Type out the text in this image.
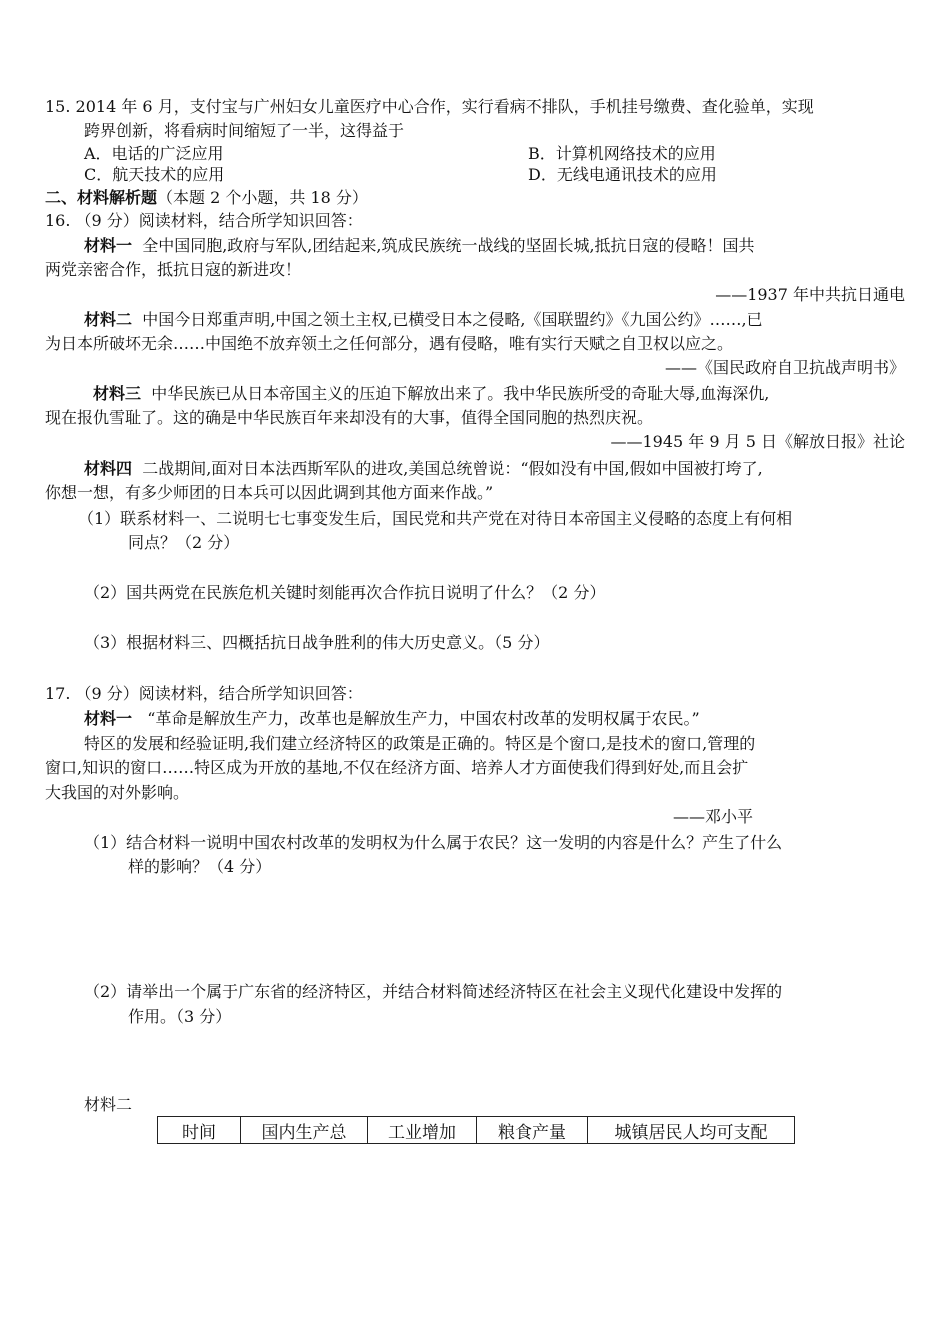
15. 2014 年 6 月，支付宝与广州妇女儿童医疗中心合作，实行看病不排队，手机挂号缴费、查化验单，实现
跨界创新，将看病时间缩短了一半，这得益于
A．电话的广泛应用	B．计算机网络技术的应用
C．航天技术的应用	D．无线电通讯技术的应用
二、材料解析题（本题 2 个小题，共 18 分）
16. （9 分）阅读材料，结合所学知识回答：
材料一 全中国同胞,政府与军队,团结起来,筑成民族统一战线的坚固长城,抵抗日寇的侵略！国共
两党亲密合作，抵抗日寇的新进攻！
——1937 年中共抗日通电
材料二 中国今日郑重声明,中国之领土主权,已横受日本之侵略,《国联盟约》《九国公约》……,已
为日本所破坏无余……中国绝不放弃领土之任何部分，遇有侵略，唯有实行天赋之自卫权以应之。
——《国民政府自卫抗战声明书》
材料三 中华民族已从日本帝国主义的压迫下解放出来了。我中华民族所受的奇耻大辱,血海深仇,
现在报仇雪耻了。这的确是中华民族百年来却没有的大事，值得全国同胞的热烈庆祝。
——1945 年 9 月 5 日《解放日报》社论
材料四 二战期间,面对日本法西斯军队的进攻,美国总统曾说：“假如没有中国,假如中国被打垮了,
你想一想，有多少师团的日本兵可以因此调到其他方面来作战。”
（1）联系材料一、二说明七七事变发生后，国民党和共产党在对待日本帝国主义侵略的态度上有何相
同点？（2 分）
（2）国共两党在民族危机关键时刻能再次合作抗日说明了什么？（2 分）
（3）根据材料三、四概括抗日战争胜利的伟大历史意义。（5 分）
17. （9 分）阅读材料，结合所学知识回答：
材料一 “革命是解放生产力，改革也是解放生产力，中国农村改革的发明权属于农民。”
特区的发展和经验证明,我们建立经济特区的政策是正确的。特区是个窗口,是技术的窗口,管理的
窗口,知识的窗口……特区成为开放的基地,不仅在经济方面、培养人才方面使我们得到好处,而且会扩
大我国的对外影响。
——邓小平
（1）结合材料一说明中国农村改革的发明权为什么属于农民？这一发明的内容是什么？产生了什么
样的影响？（4 分）
（2）请举出一个属于广东省的经济特区，并结合材料简述经济特区在社会主义现代化建设中发挥的
作用。（3 分）
材料二
时间	国内生产总	工业增加	粮食产量	城镇居民人均可支配
